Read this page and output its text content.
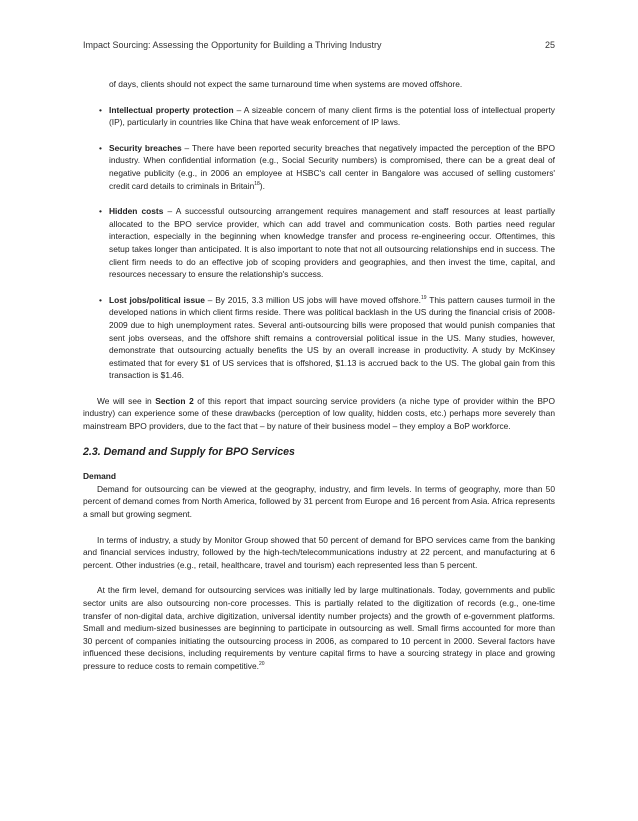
Impact Sourcing: Assessing the Opportunity for Building a Thriving Industry	25

of days, clients should not expect the same turnaround time when systems are moved offshore.

• Intellectual property protection – A sizeable concern of many client firms is the potential loss of intellectual property (IP), particularly in countries like China that have weak enforcement of IP laws.
• Security breaches – There have been reported security breaches that negatively impacted the perception of the BPO industry. When confidential information (e.g., Social Security numbers) is compromised, there can be a great deal of negative publicity (e.g., in 2006 an employee at HSBC's call center in Bangalore was accused of selling customers' credit card details to criminals in Britain$^{18}$).
• Hidden costs – A successful outsourcing arrangement requires management and staff resources at least partially allocated to the BPO service provider, which can add travel and communication costs. Both parties need regular interaction, especially in the beginning when knowledge transfer and process re-engineering occur. Oftentimes, this setup takes longer than anticipated. It is also important to note that not all outsourcing relationships end in success. The client firm needs to do an effective job of scoping providers and geographies, and then invest the time, capital, and resources necessary to ensure the relationship's success.
• Lost jobs/political issue – By 2015, 3.3 million US jobs will have moved offshore.$^{19}$ This pattern causes turmoil in the developed nations in which client firms reside. There was political backlash in the US during the financial crisis of 2008-2009 due to high unemployment rates. Several anti-outsourcing bills were proposed that would punish companies that sent jobs overseas, and the offshore shift remains a controversial political issue in the US. Many studies, however, demonstrate that outsourcing actually benefits the US by an overall increase in productivity. A study by McKinsey estimated that for every $1 of US services that is offshored, $1.13 is accrued back to the US. The global gain from this transaction is $1.46.

We will see in Section 2 of this report that impact sourcing service providers (a niche type of provider within the BPO industry) can experience some of these drawbacks (perception of low quality, hidden costs, etc.) perhaps more severely than mainstream BPO providers, due to the fact that – by nature of their business model – they employ a BoP workforce.

2.3. Demand and Supply for BPO Services

Demand

Demand for outsourcing can be viewed at the geography, industry, and firm levels. In terms of geography, more than 50 percent of demand comes from North America, followed by 31 percent from Europe and 16 percent from Asia. Africa represents a small but growing segment.

In terms of industry, a study by Monitor Group showed that 50 percent of demand for BPO services came from the banking and financial services industry, followed by the high-tech/telecommunications industry at 22 percent, and manufacturing at 6 percent. Other industries (e.g., retail, healthcare, travel and tourism) each represented less than 5 percent.

At the firm level, demand for outsourcing services was initially led by large multinationals. Today, governments and public sector units are also outsourcing non-core processes. This is partially related to the digitization of records (e.g., one-time transfer of non-digital data, archive digitization, universal identity number projects) and the growth of e-government platforms. Small and medium-sized businesses are beginning to participate in outsourcing as well. Small firms accounted for more than 30 percent of companies initiating the outsourcing process in 2006, as compared to 10 percent in 2000. Several factors have influenced these decisions, including requirements by venture capital firms to have a sourcing strategy in place and growing pressure to reduce costs to remain competitive.$^{20}$
